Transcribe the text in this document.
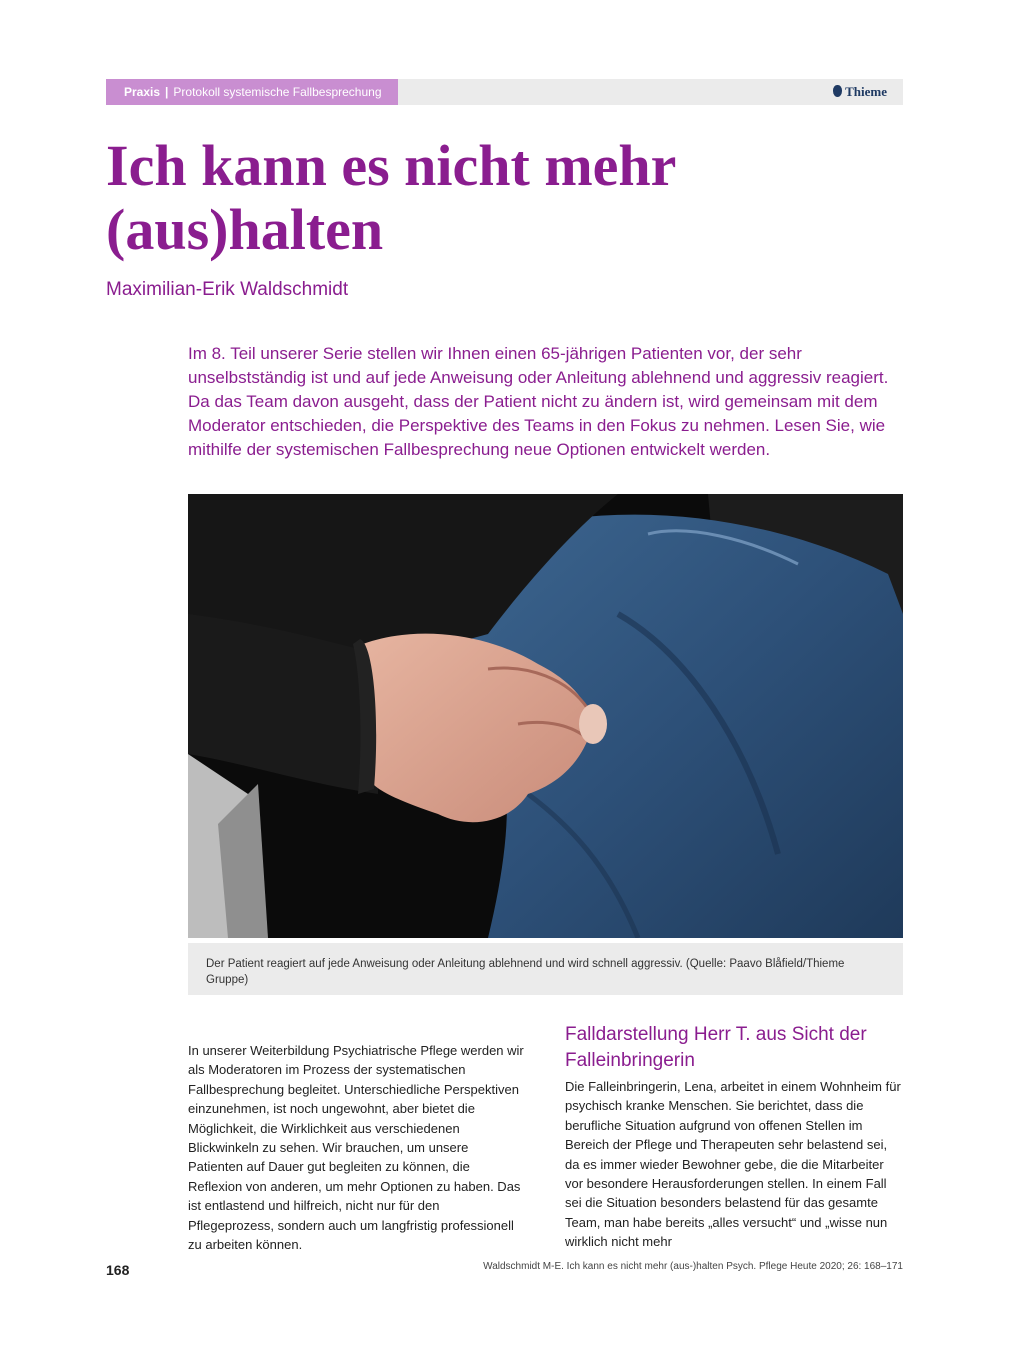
Praxis | Protokoll systemische Fallbesprechung	Thieme
Ich kann es nicht mehr (aus)halten
Maximilian-Erik Waldschmidt

Im 8. Teil unserer Serie stellen wir Ihnen einen 65-jährigen Patienten vor, der sehr unselbstständig ist und auf jede Anweisung oder Anleitung ablehnend und aggressiv reagiert. Da das Team davon ausgeht, dass der Patient nicht zu ändern ist, wird gemeinsam mit dem Moderator entschieden, die Perspektive des Teams in den Fokus zu nehmen. Lesen Sie, wie mithilfe der systemischen Fallbesprechung neue Optionen entwickelt werden.

Der Patient reagiert auf jede Anweisung oder Anleitung ablehnend und wird schnell aggressiv. (Quelle: Paavo Blåfield/Thieme Gruppe)

In unserer Weiterbildung Psychiatrische Pflege werden wir als Moderatoren im Prozess der systematischen Fallbesprechung begleitet. Unterschiedliche Perspektiven einzunehmen, ist noch ungewohnt, aber bietet die Möglichkeit, die Wirklichkeit aus verschiedenen Blickwinkeln zu sehen. Wir brauchen, um unsere Patienten auf Dauer gut begleiten zu können, die Reflexion von anderen, um mehr Optionen zu haben. Das ist entlastend und hilfreich, nicht nur für den Pflegeprozess, sondern auch um langfristig professionell zu arbeiten können.

Falldarstellung Herr T. aus Sicht der Falleinbringerin

Die Falleinbringerin, Lena, arbeitet in einem Wohnheim für psychisch kranke Menschen. Sie berichtet, dass die berufliche Situation aufgrund von offenen Stellen im Bereich der Pflege und Therapeuten sehr belastend sei, da es immer wieder Bewohner gebe, die die Mitarbeiter vor besondere Herausforderungen stellen. In einem Fall sei die Situation besonders belastend für das gesamte Team, man habe bereits „alles versucht“ und „wisse nun wirklich nicht mehr

168	Waldschmidt M-E. Ich kann es nicht mehr (aus-)halten Psych. Pflege Heute 2020; 26: 168–171
